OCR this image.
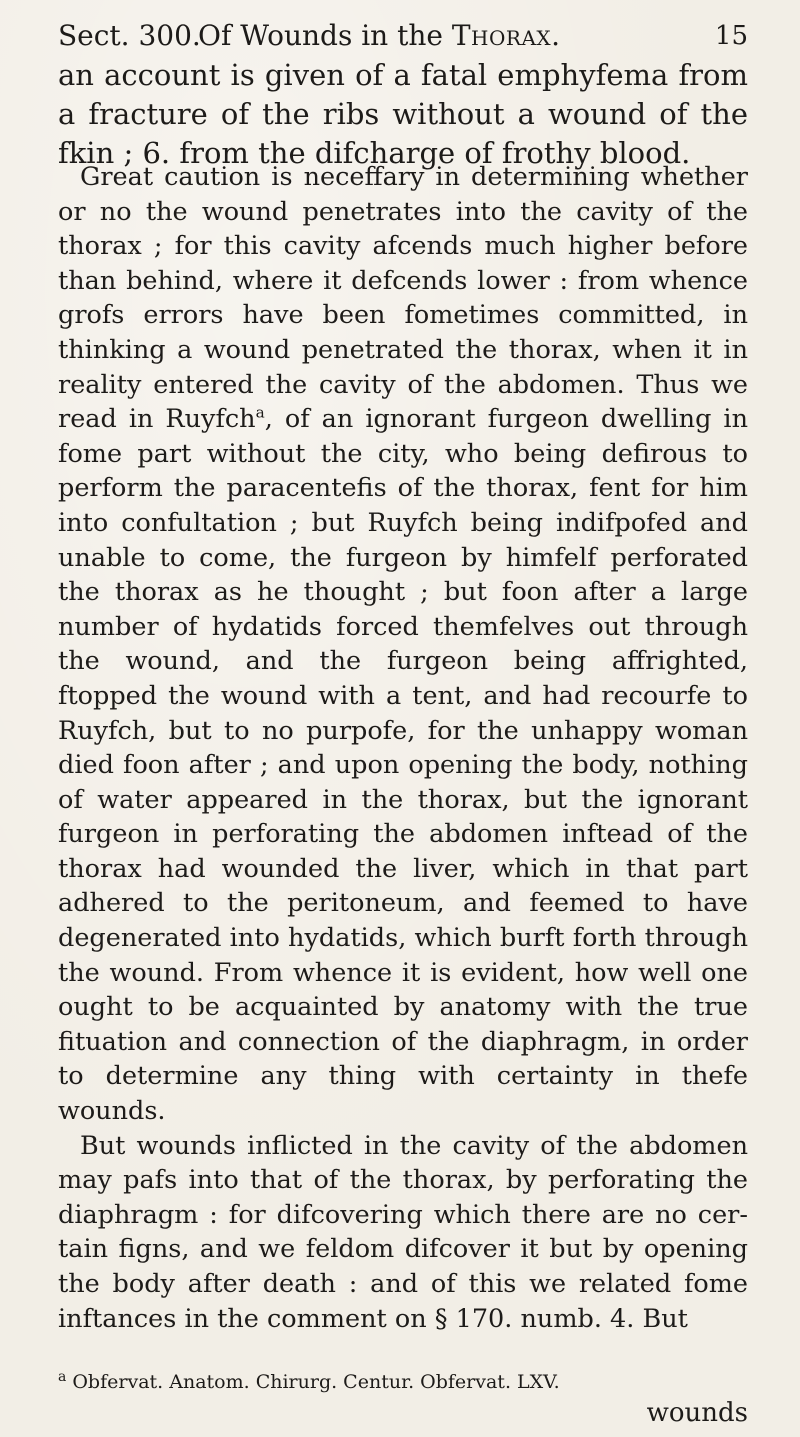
Sect. 300.
Of Wounds in the Thorax.	15

an account is given of a fatal emphyfema from a fracture of the ribs without a wound of the fkin ; 6. from the difcharge of frothy blood.

Great caution is neceffary in determining whether or no the wound penetrates into the cavity of the thorax ; for this cavity afcends much higher before than behind, where it defcends lower : from whence grofs errors have been fometimes committed, in thinking a wound penetrated the thorax, when it in reality entered the cavity of the abdomen. Thus we read in Ruyfch$^a$, of an ignorant furgeon dwelling in fome part without the city, who being defirous to perform the paracentefis of the thorax, fent for him into confultation ; but Ruyfch being indifpofed and unable to come, the furgeon by himfelf perforated the thorax as he thought ; but foon after a large number of hydatids forced themfelves out through the wound, and the furgeon being affrighted, ftopped the wound with a tent, and had recourfe to Ruyfch, but to no purpofe, for the unhappy woman died foon after ; and upon opening the body, nothing of water appeared in the thorax, but the ignorant furgeon in perforating the abdomen inftead of the thorax had wounded the liver, which in that part adhered to the peritoneum, and feemed to have degenerated into hydatids, which burft forth through the wound. From whence it is evident, how well one ought to be acquainted by anatomy with the true fituation and connection of the diaphragm, in order to determine any thing with certainty in thefe wounds.

But wounds inflicted in the cavity of the abdomen may pafs into that of the thorax, by perforating the diaphragm : for difcovering which there are no certain figns, and we feldom difcover it but by opening the body after death : and of this we related fome inftances in the comment on § 170. numb. 4. But

$^a$ Obfervat. Anatom. Chirurg. Centur. Obfervat. LXV.
wounds
